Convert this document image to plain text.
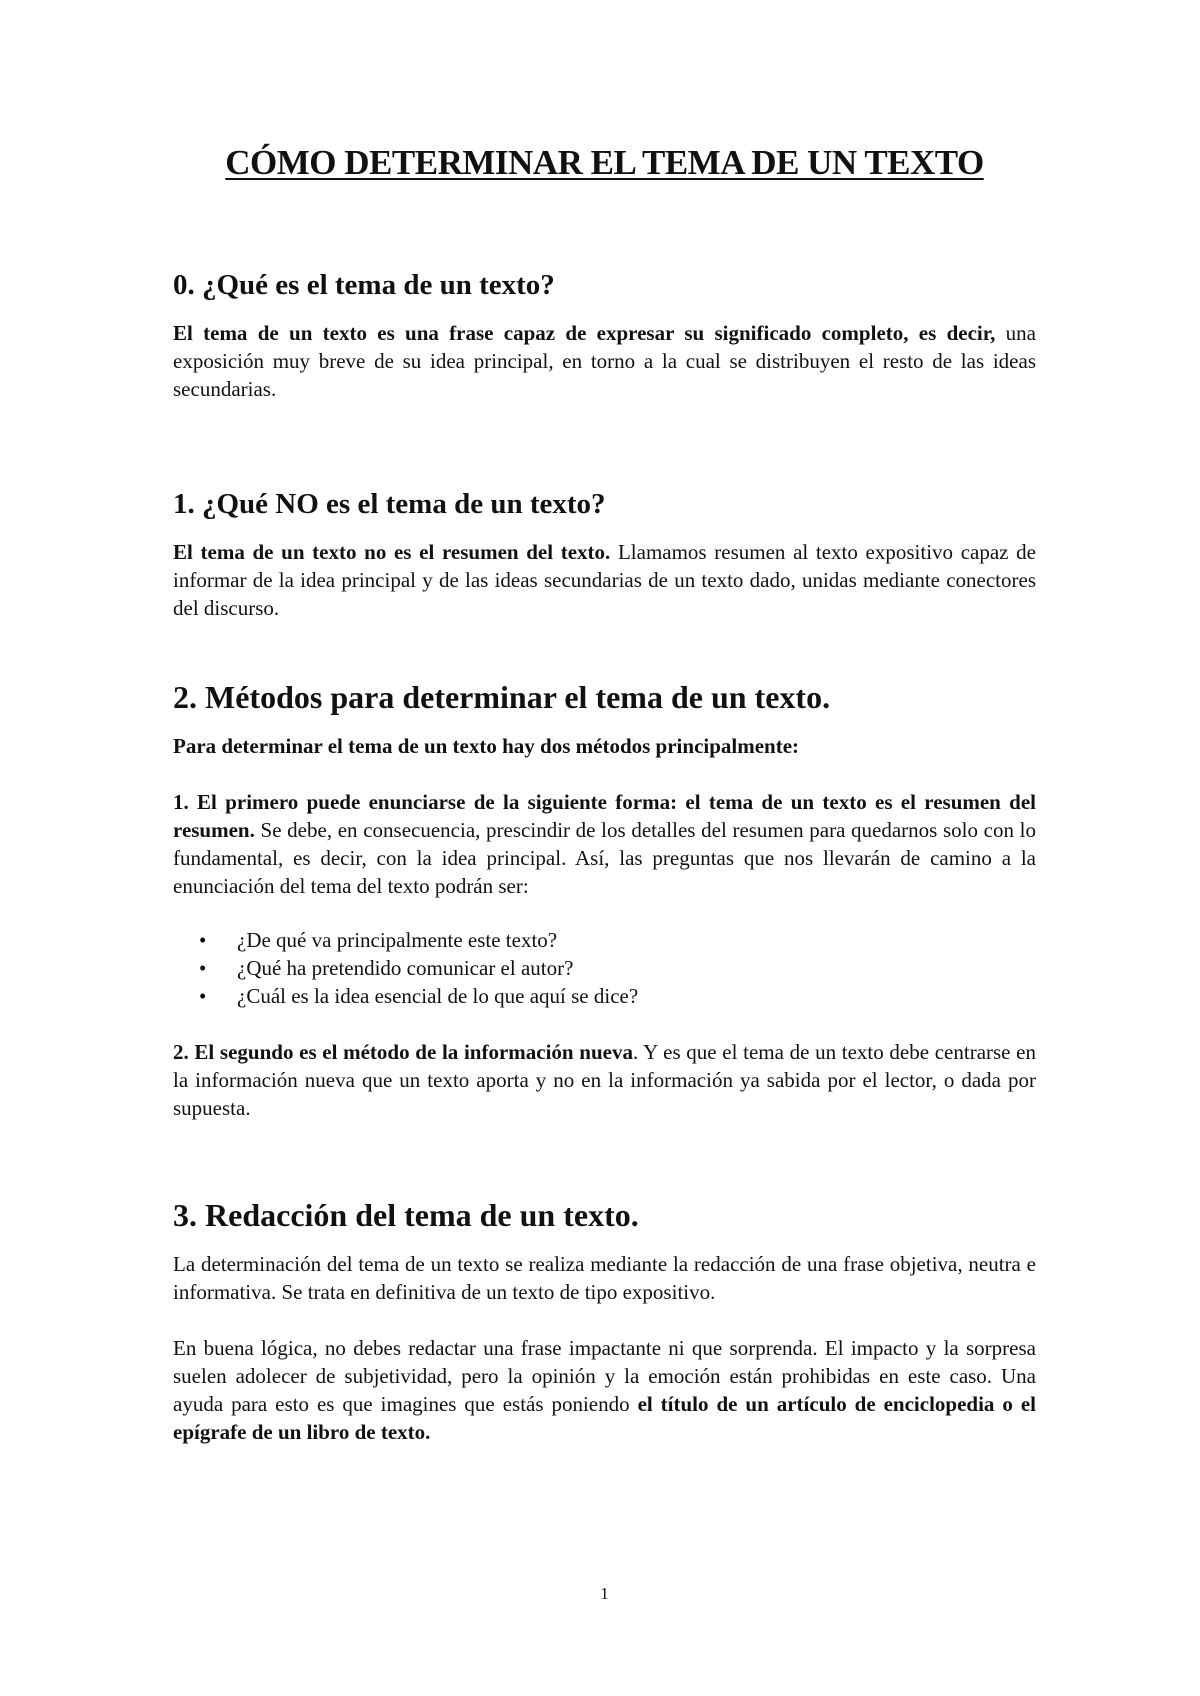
CÓMO DETERMINAR EL TEMA DE UN TEXTO
0. ¿Qué es el tema de un texto?

El tema de un texto es una frase capaz de expresar su significado completo, es decir, una exposición muy breve de su idea principal, en torno a la cual se distribuyen el resto de las ideas secundarias.

1. ¿Qué NO es el tema de un texto?

El tema de un texto no es el resumen del texto. Llamamos resumen al texto expositivo capaz de informar de la idea principal y de las ideas secundarias de un texto dado, unidas mediante conectores del discurso.

2. Métodos para determinar el tema de un texto.

Para determinar el tema de un texto hay dos métodos principalmente:

1. El primero puede enunciarse de la siguiente forma: el tema de un texto es el resumen del resumen. Se debe, en consecuencia, prescindir de los detalles del resumen para quedarnos solo con lo fundamental, es decir, con la idea principal. Así, las preguntas que nos llevarán de camino a la enunciación del tema del texto podrán ser:

• ¿De qué va principalmente este texto?
• ¿Qué ha pretendido comunicar el autor?
• ¿Cuál es la idea esencial de lo que aquí se dice?

2. El segundo es el método de la información nueva. Y es que el tema de un texto debe centrarse en la información nueva que un texto aporta y no en la información ya sabida por el lector, o dada por supuesta.

3. Redacción del tema de un texto.

La determinación del tema de un texto se realiza mediante la redacción de una frase objetiva, neutra e informativa. Se trata en definitiva de un texto de tipo expositivo.

En buena lógica, no debes redactar una frase impactante ni que sorprenda. El impacto y la sorpresa suelen adolecer de subjetividad, pero la opinión y la emoción están prohibidas en este caso. Una ayuda para esto es que imagines que estás poniendo el título de un artículo de enciclopedia o el epígrafe de un libro de texto.

1
